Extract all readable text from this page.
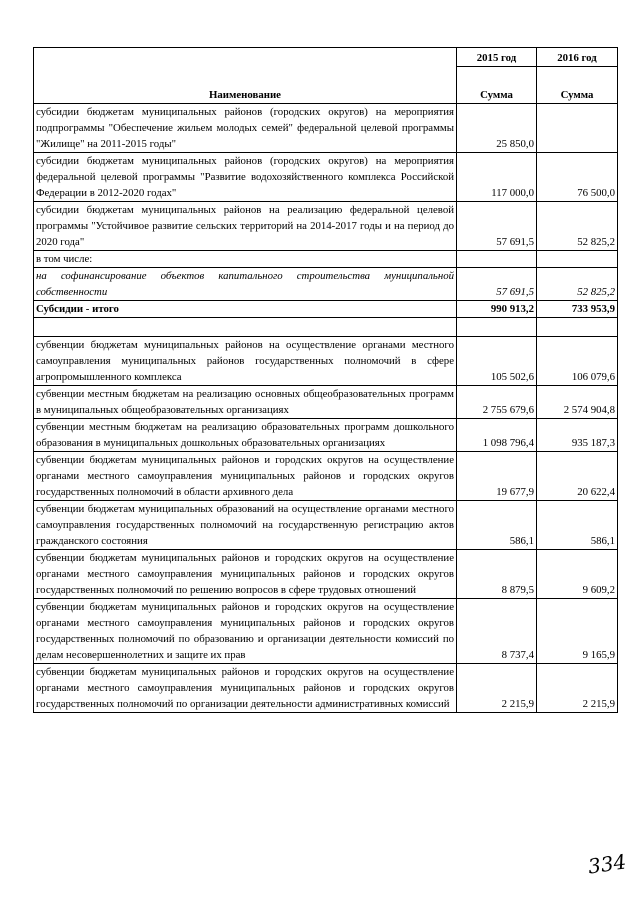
Наименование	2015 год	2016 год
	Сумма	Сумма
субсидии бюджетам муниципальных районов (городских округов) на мероприятия подпрограммы "Обеспечение жильем молодых семей" федеральной целевой программы "Жилище" на 2011-2015 годы"	25 850,0	
субсидии бюджетам муниципальных районов (городских округов) на мероприятия федеральной целевой программы "Развитие водохозяйственного комплекса Российской Федерации в 2012-2020 годах"	117 000,0	76 500,0
субсидии бюджетам муниципальных районов на реализацию федеральной целевой программы "Устойчивое развитие сельских территорий на 2014-2017 годы и на период до 2020 года"	57 691,5	52 825,2
в том числе:		
на софинансирование объектов капитального строительства муниципальной собственности	57 691,5	52 825,2
Субсидии - итого	990 913,2	733 953,9

субвенции бюджетам муниципальных районов на осуществление органами местного самоуправления муниципальных районов государственных полномочий в сфере агропромышленного комплекса	105 502,6	106 079,6
субвенции местным бюджетам на реализацию основных общеобразовательных программ в муниципальных общеобразовательных организациях	2 755 679,6	2 574 904,8
субвенции местным бюджетам на реализацию образовательных программ дошкольного образования в муниципальных дошкольных образовательных организациях	1 098 796,4	935 187,3
субвенции бюджетам муниципальных районов и городских округов на осуществление органами местного самоуправления муниципальных районов и городских округов государственных полномочий в области архивного дела	19 677,9	20 622,4
субвенции бюджетам муниципальных образований на осуществление органами местного самоуправления государственных полномочий на государственную регистрацию актов гражданского состояния	586,1	586,1
субвенции бюджетам муниципальных районов и городских округов на осуществление органами местного самоуправления муниципальных районов и городских округов государственных полномочий по решению вопросов в сфере трудовых отношений	8 879,5	9 609,2
субвенции бюджетам муниципальных районов и городских округов на осуществление органами местного самоуправления муниципальных районов и городских округов государственных полномочий по образованию и организации деятельности комиссий по делам несовершеннолетних и защите их прав	8 737,4	9 165,9
субвенции бюджетам муниципальных районов и городских округов на осуществление органами местного самоуправления муниципальных районов и городских округов государственных полномочий по организации деятельности административных комиссий	2 215,9	2 215,9
334
